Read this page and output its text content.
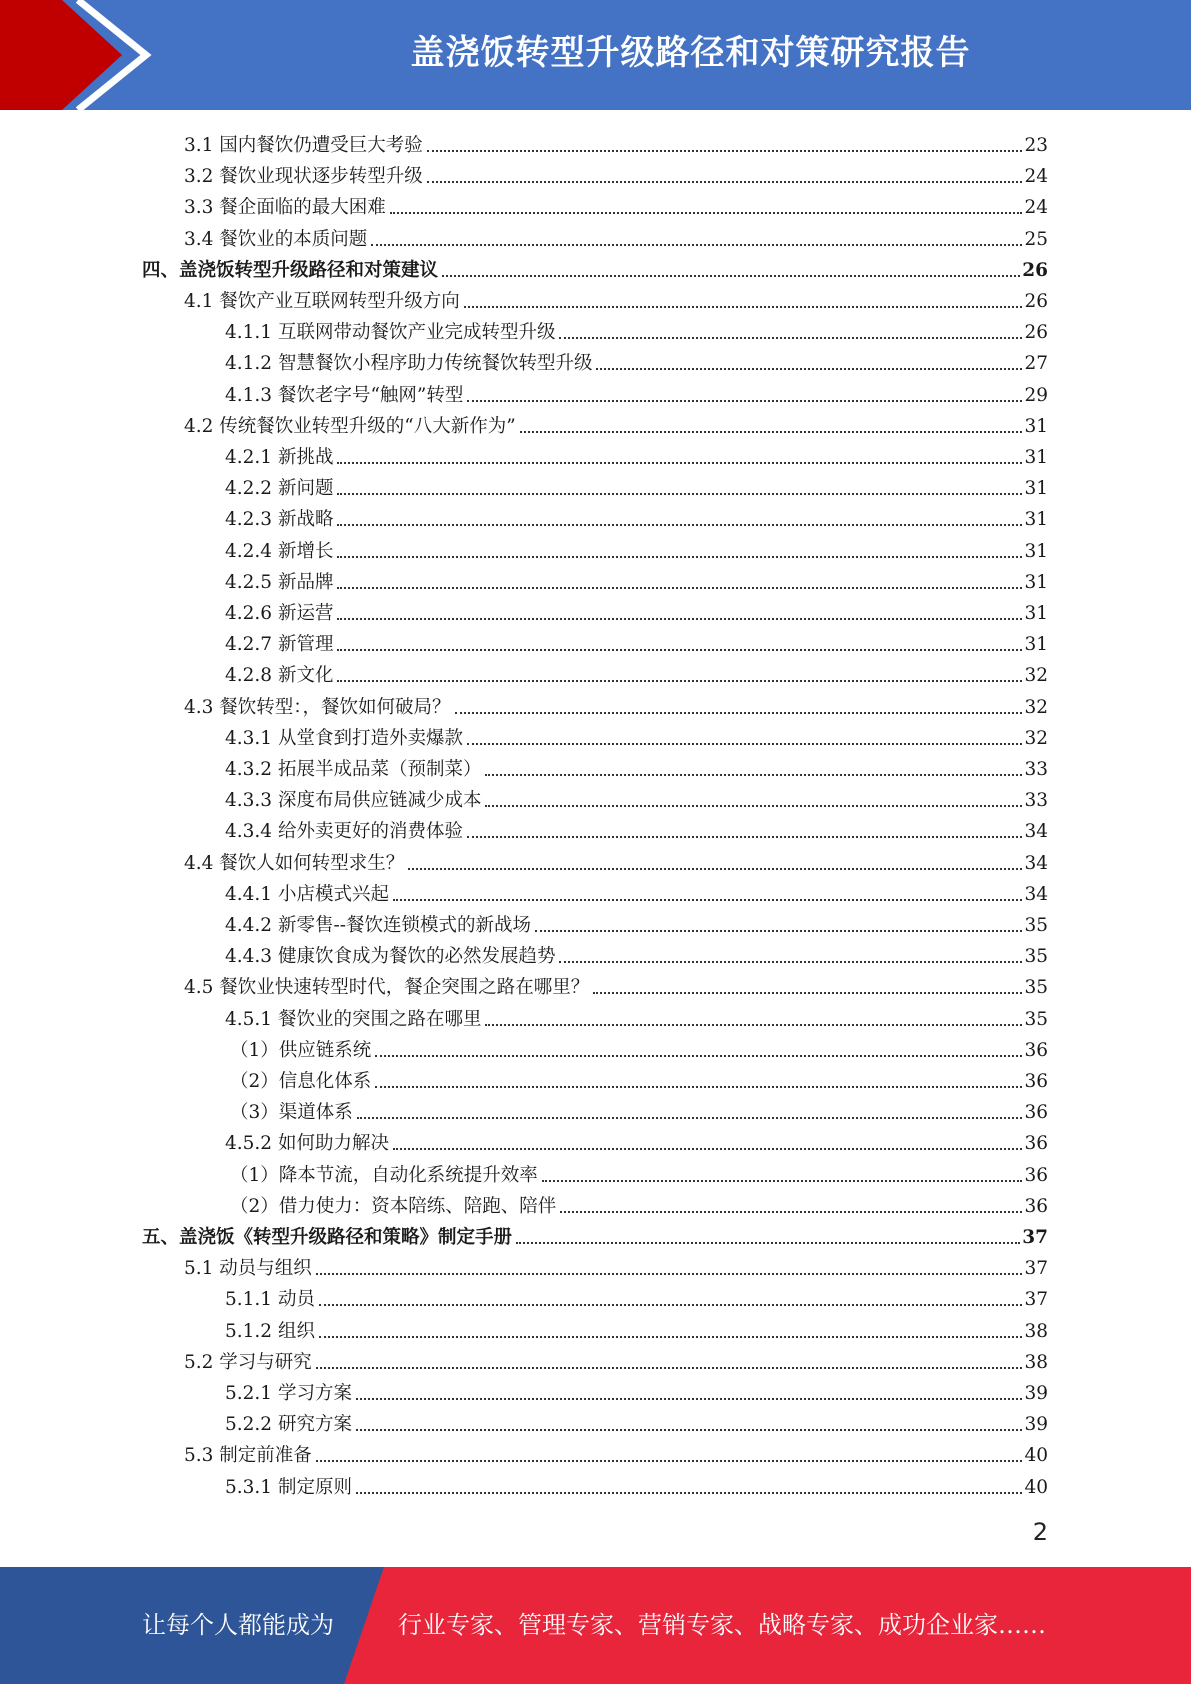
盖浇饭转型升级路径和对策研究报告
3.1 国内餐饮仍遭受巨大考验	23
3.2 餐饮业现状逐步转型升级	24
3.3 餐企面临的最大困难	24
3.4 餐饮业的本质问题	25
四、盖浇饭转型升级路径和对策建议	26
4.1 餐饮产业互联网转型升级方向	26
4.1.1 互联网带动餐饮产业完成转型升级	26
4.1.2 智慧餐饮小程序助力传统餐饮转型升级	27
4.1.3 餐饮老字号“触网”转型	29
4.2 传统餐饮业转型升级的“八大新作为”	31
4.2.1 新挑战	31
4.2.2 新问题	31
4.2.3 新战略	31
4.2.4 新增长	31
4.2.5 新品牌	31
4.2.6 新运营	31
4.2.7 新管理	31
4.2.8 新文化	32
4.3 餐饮转型：，餐饮如何破局？	32
4.3.1 从堂食到打造外卖爆款	32
4.3.2 拓展半成品菜（预制菜）	33
4.3.3 深度布局供应链减少成本	33
4.3.4 给外卖更好的消费体验	34
4.4 餐饮人如何转型求生？	34
4.4.1 小店模式兴起	34
4.4.2 新零售--餐饮连锁模式的新战场	35
4.4.3 健康饮食成为餐饮的必然发展趋势	35
4.5 餐饮业快速转型时代，餐企突围之路在哪里？	35
4.5.1 餐饮业的突围之路在哪里	35
（1）供应链系统	36
（2）信息化体系	36
（3）渠道体系	36
4.5.2 如何助力解决	36
（1）降本节流，自动化系统提升效率	36
（2）借力使力：资本陪练、陪跑、陪伴	36
五、盖浇饭《转型升级路径和策略》制定手册	37
5.1 动员与组织	37
5.1.1 动员	37
5.1.2 组织	38
5.2 学习与研究	38
5.2.1 学习方案	39
5.2.2 研究方案	39
5.3 制定前准备	40
5.3.1 制定原则	40
2
让每个人都能成为	行业专家、管理专家、营销专家、战略专家、成功企业家……
